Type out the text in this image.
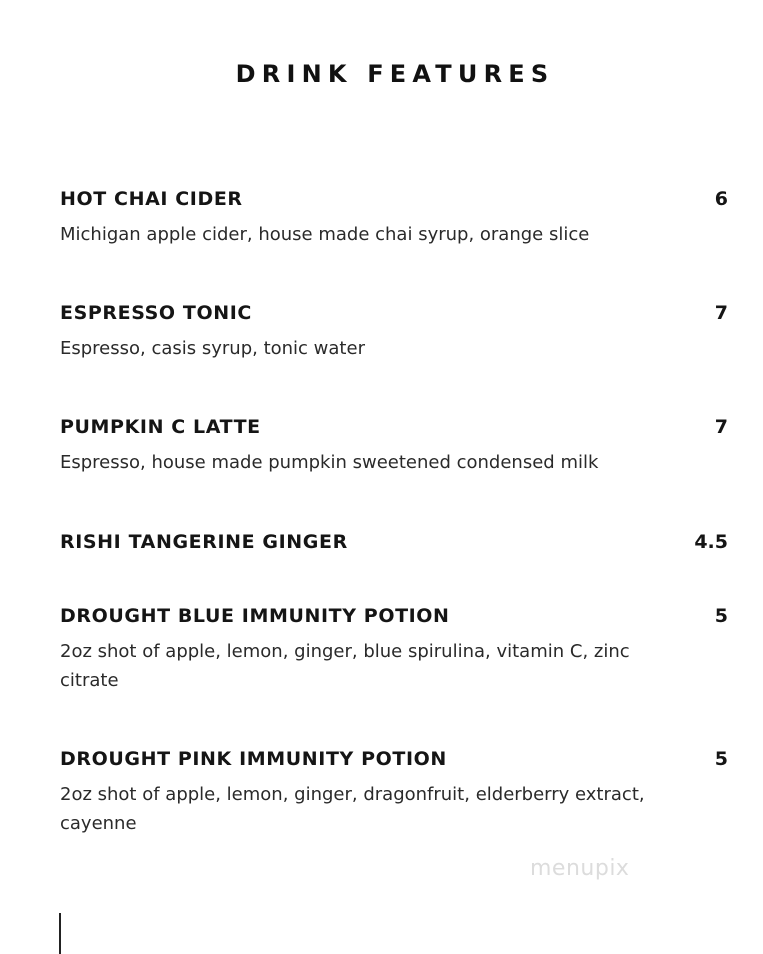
DRINK FEATURES
HOT CHAI CIDER	6
Michigan apple cider, house made chai syrup, orange slice
ESPRESSO TONIC	7
Espresso, casis syrup, tonic water
PUMPKIN C LATTE	7
Espresso, house made pumpkin sweetened condensed milk
RISHI TANGERINE GINGER	4.5
DROUGHT BLUE IMMUNITY POTION	5
2oz shot of apple, lemon, ginger, blue spirulina, vitamin C, zinc citrate
DROUGHT PINK IMMUNITY POTION	5
2oz shot of apple, lemon, ginger, dragonfruit, elderberry extract, cayenne
menupix
